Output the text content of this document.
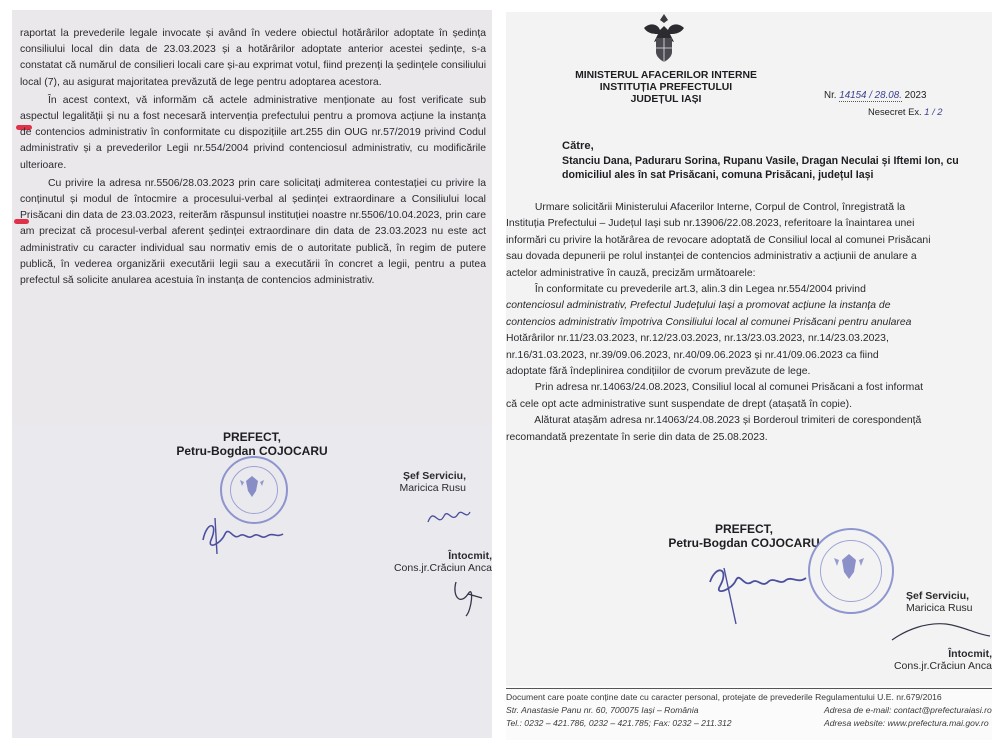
raportat la prevederile legale invocate și având în vedere obiectul hotărârilor adoptate în ședința consiliului local din data de 23.03.2023 și a hotărârilor adoptate anterior acestei ședințe, s-a constatat că numărul de consilieri locali care și-au exprimat votul, fiind prezenți la ședințele consiliului local (7), au asigurat majoritatea prevăzută de lege pentru adoptarea acestora.

În acest context, vă informăm că actele administrative menționate au fost verificate sub aspectul legalității și nu a fost necesară intervenția prefectului pentru a promova acțiune la instanța de contencios administrativ în conformitate cu dispozițiile art.255 din OUG nr.57/2019 privind Codul administrativ și a prevederilor Legii nr.554/2004 privind contenciosul administrativ, cu modificările ulterioare.

Cu privire la adresa nr.5506/28.03.2023 prin care solicitați admiterea contestației cu privire la conținutul și modul de întocmire a procesului-verbal al ședinței extraordinare a Consiliului local Prisăcani din data de 23.03.2023, reiterăm răspunsul instituției noastre nr.5506/10.04.2023, prin care am precizat că procesul-verbal aferent ședinței extraordinare din data de 23.03.2023 nu este act administrativ cu caracter individual sau normativ emis de o autoritate publică, în regim de putere publică, în vederea organizării executării legii sau a executării în concret a legii, pentru a putea prefectul să solicite anularea acestuia în instanța de contencios administrativ.

PREFECT,
Petru-Bogdan COJOCARU
Șef Serviciu,
Maricica Rusu
Întocmit,
Cons.jr.Crăciun Anca
MINISTERUL AFACERILOR INTERNE
INSTITUȚIA PREFECTULUI
JUDEȚUL IAȘI	Nr. 14154 / 28.08. 2023
Nesecret Ex. 1 / 2
Către,
Stanciu Dana, Paduraru Sorina, Rupanu Vasile, Dragan Neculai și Iftemi Ion, cu domiciliul ales în sat Prisăcani, comuna Prisăcani, județul Iași
Urmare solicitării Ministerului Afacerilor Interne, Corpul de Control, înregistrată la
Instituția Prefectului – Județul Iași sub nr.13906/22.08.2023, referitoare la înaintarea unei
informări cu privire la hotărârea de revocare adoptată de Consiliul local al comunei Prisăcani
sau dovada depunerii pe rolul instanței de contencios administrativ a acțiunii de anulare a
actelor administrative în cauză, precizăm următoarele:
În conformitate cu prevederile art.3, alin.3 din Legea nr.554/2004 privind
contenciosul administrativ, Prefectul Județului Iași a promovat acțiune la instanța de
contencios administrativ împotriva Consiliului local al comunei Prisăcani pentru anularea
Hotărârilor nr.11/23.03.2023, nr.12/23.03.2023, nr.13/23.03.2023, nr.14/23.03.2023,
nr.16/31.03.2023, nr.39/09.06.2023, nr.40/09.06.2023 și nr.41/09.06.2023 ca fiind
adoptate fără îndeplinirea condițiilor de cvorum prevăzute de lege.
Prin adresa nr.14063/24.08.2023, Consiliul local al comunei Prisăcani a fost informat
că cele opt acte administrative sunt suspendate de drept (atașată în copie).
Alăturat atașăm adresa nr.14063/24.08.2023 și Borderoul trimiteri de corespondență
recomandată prezentate în serie din data de 25.08.2023.
PREFECT,
Petru-Bogdan COJOCARU
Șef Serviciu,
Maricica Rusu
Întocmit,
Cons.jr.Crăciun Anca
Document care poate conține date cu caracter personal, protejate de prevederile Regulamentului U.E. nr.679/2016
Str. Anastasie Panu nr. 60, 700075 Iași – România
Tel.: 0232 – 421.786, 0232 – 421.785; Fax: 0232 – 211.312
Adresa de e-mail: contact@prefecturaiasi.ro
Adresa website: www.prefectura.mai.gov.ro
